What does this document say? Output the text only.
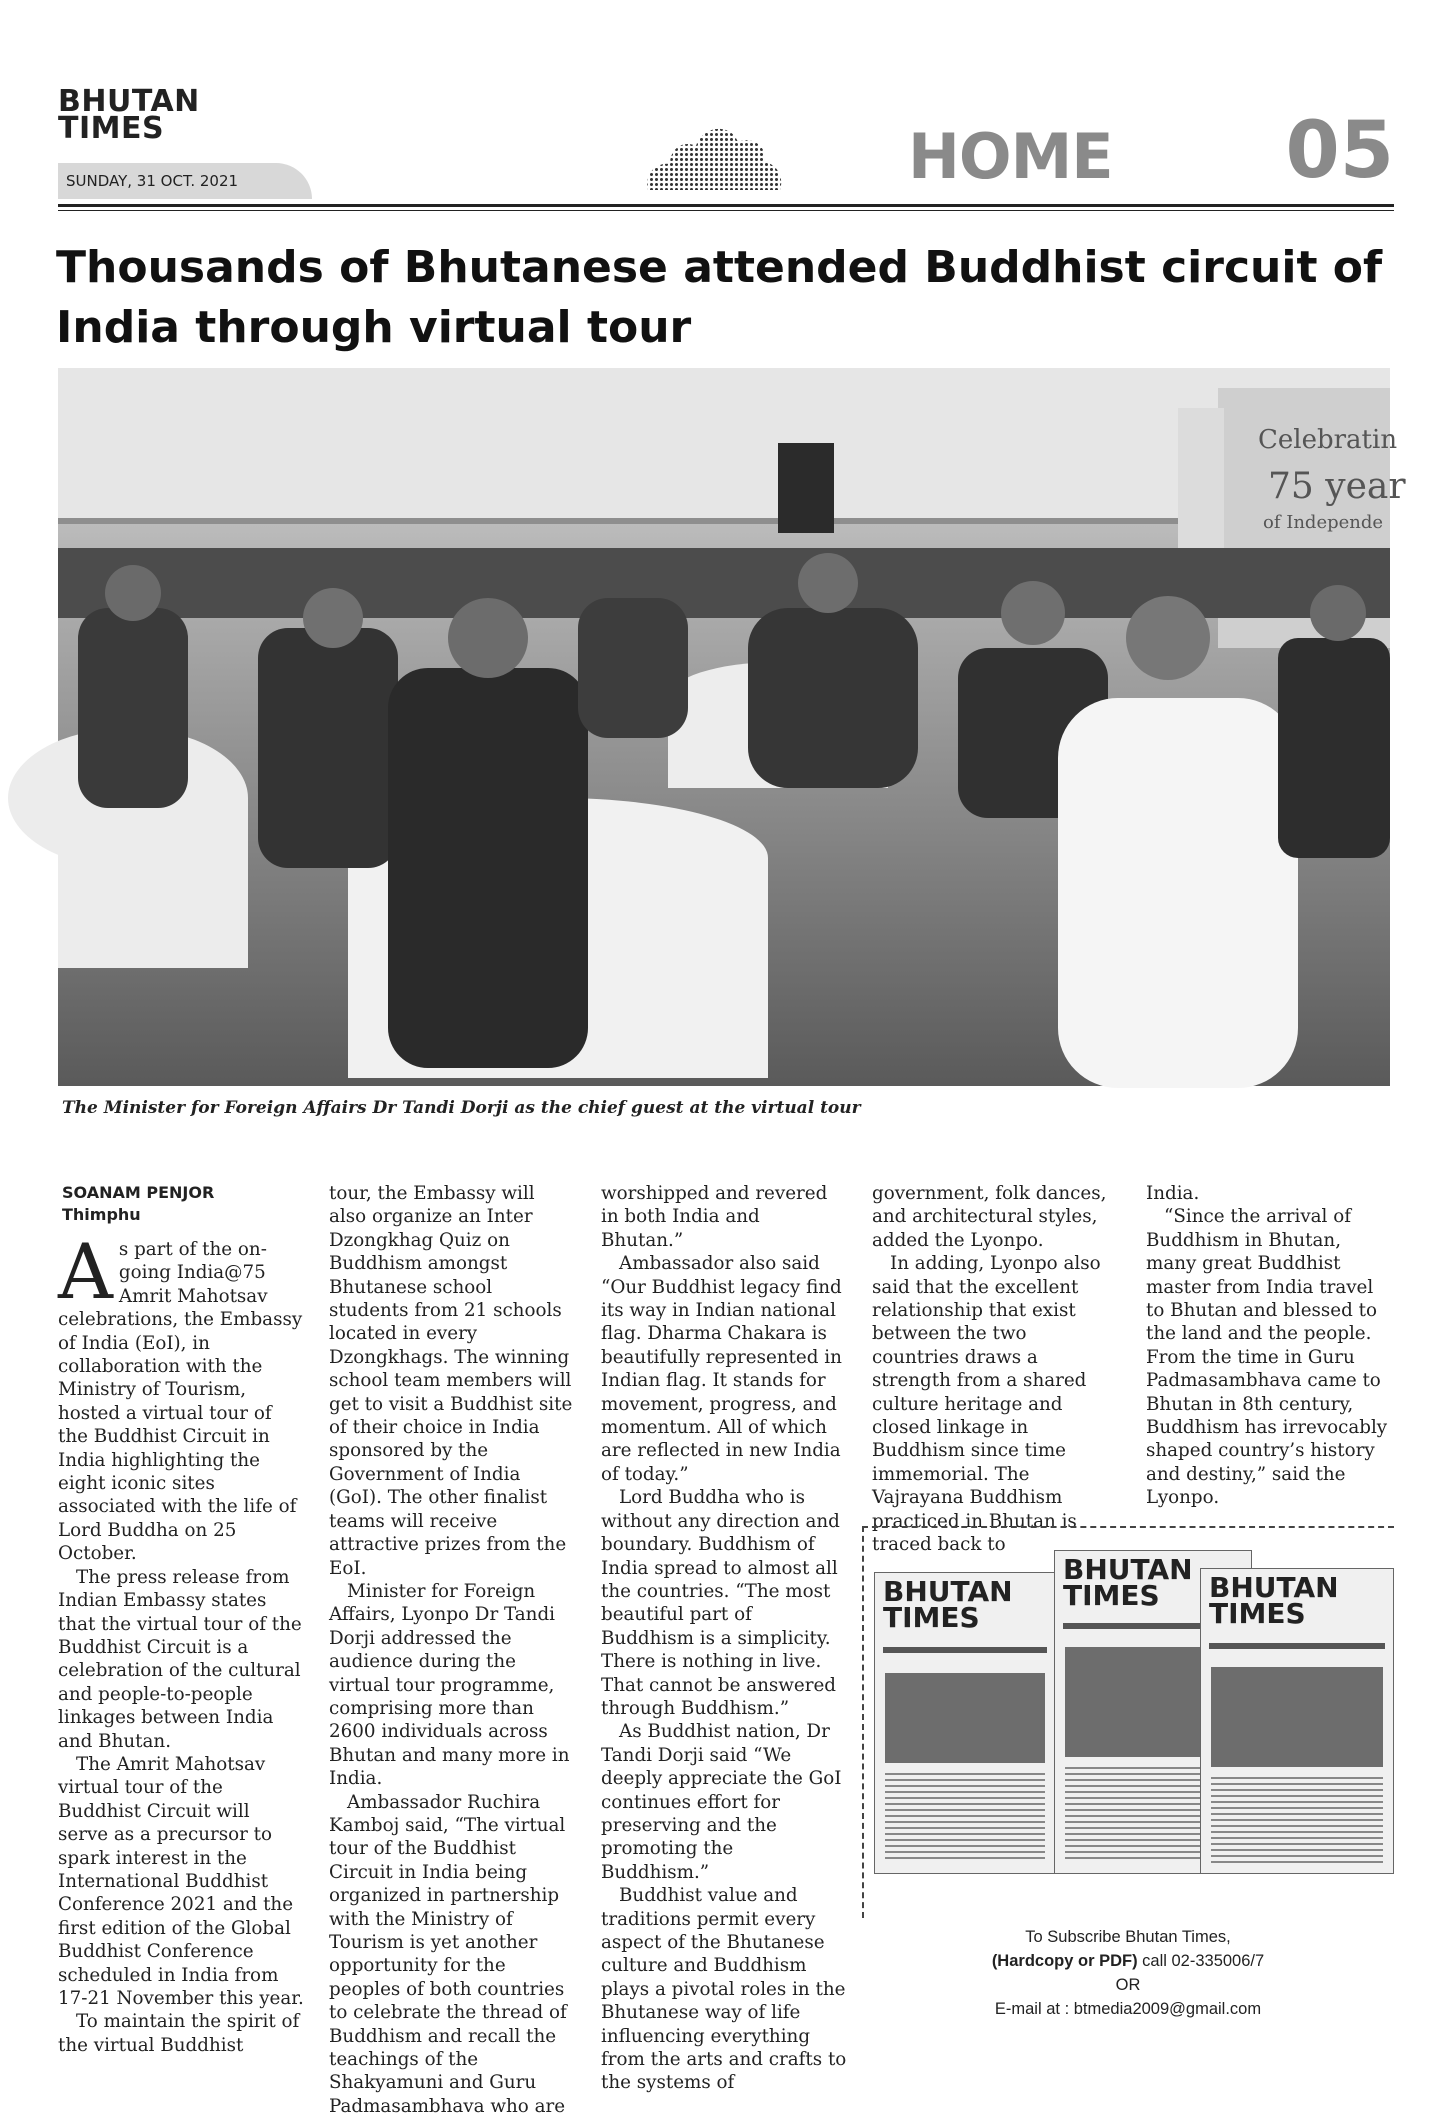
BHUTAN
TIMES
SUNDAY, 31 OCT. 2021	HOME 05
Thousands of Bhutanese attended Buddhist circuit of India through virtual tour
Celebratin
75 year
of Independe
The Minister for Foreign Affairs Dr Tandi Dorji as the chief guest at the virtual tour
SOANAM PENJOR
Thimphu

As part of the on-going India@75 Amrit Mahotsav celebrations, the Embassy of India (EoI), in collaboration with the Ministry of Tourism, hosted a virtual tour of the Buddhist Circuit in India highlighting the eight iconic sites associated with the life of Lord Buddha on 25 October.

The press release from Indian Embassy states that the virtual tour of the Buddhist Circuit is a celebration of the cultural and people-to-people linkages between India and Bhutan.

The Amrit Mahotsav virtual tour of the Buddhist Circuit will serve as a precursor to spark interest in the International Buddhist Conference 2021 and the first edition of the Global Buddhist Conference scheduled in India from 17-21 November this year.

To maintain the spirit of the virtual Buddhist

tour, the Embassy will also organize an Inter Dzongkhag Quiz on Buddhism amongst Bhutanese school students from 21 schools located in every Dzongkhags. The winning school team members will get to visit a Buddhist site of their choice in India sponsored by the Government of India (GoI). The other finalist teams will receive attractive prizes from the EoI.

Minister for Foreign Affairs, Lyonpo Dr Tandi Dorji addressed the audience during the virtual tour programme, comprising more than 2600 individuals across Bhutan and many more in India.

Ambassador Ruchira Kamboj said, “The virtual tour of the Buddhist Circuit in India being organized in partnership with the Ministry of Tourism is yet another opportunity for the peoples of both countries to celebrate the thread of Buddhism and recall the teachings of the Shakyamuni and Guru Padmasambhava who are

worshipped and revered in both India and Bhutan.”

Ambassador also said “Our Buddhist legacy find its way in Indian national flag. Dharma Chakara is beautifully represented in Indian flag. It stands for movement, progress, and momentum. All of which are reflected in new India of today.”

Lord Buddha who is without any direction and boundary. Buddhism of India spread to almost all the countries. “The most beautiful part of Buddhism is a simplicity. There is nothing in live. That cannot be answered through Buddhism.”

As Buddhist nation, Dr Tandi Dorji said “We deeply appreciate the GoI continues effort for preserving and the promoting the Buddhism.”

Buddhist value and traditions permit every aspect of the Bhutanese culture and Buddhism plays a pivotal roles in the Bhutanese way of life influencing everything from the arts and crafts to the systems of

government, folk dances, and architectural styles, added the Lyonpo.

In adding, Lyonpo also said that the excellent relationship that exist between the two countries draws a strength from a shared culture heritage and closed linkage in Buddhism since time immemorial. The Vajrayana Buddhism practiced in Bhutan is traced back to

India.

“Since the arrival of Buddhism in Bhutan, many great Buddhist master from India travel to Bhutan and blessed to the land and the people. From the time in Guru Padmasambhava came to Bhutan in 8th century, Buddhism has irrevocably shaped country’s history and destiny,” said the Lyonpo.

BHUTAN
TIMES
BHUTAN
TIMES	BHUTAN
TIMES
To Subscribe Bhutan Times,
(Hardcopy or PDF) call 02-335006/7
OR
E-mail at : btmedia2009@gmail.com
